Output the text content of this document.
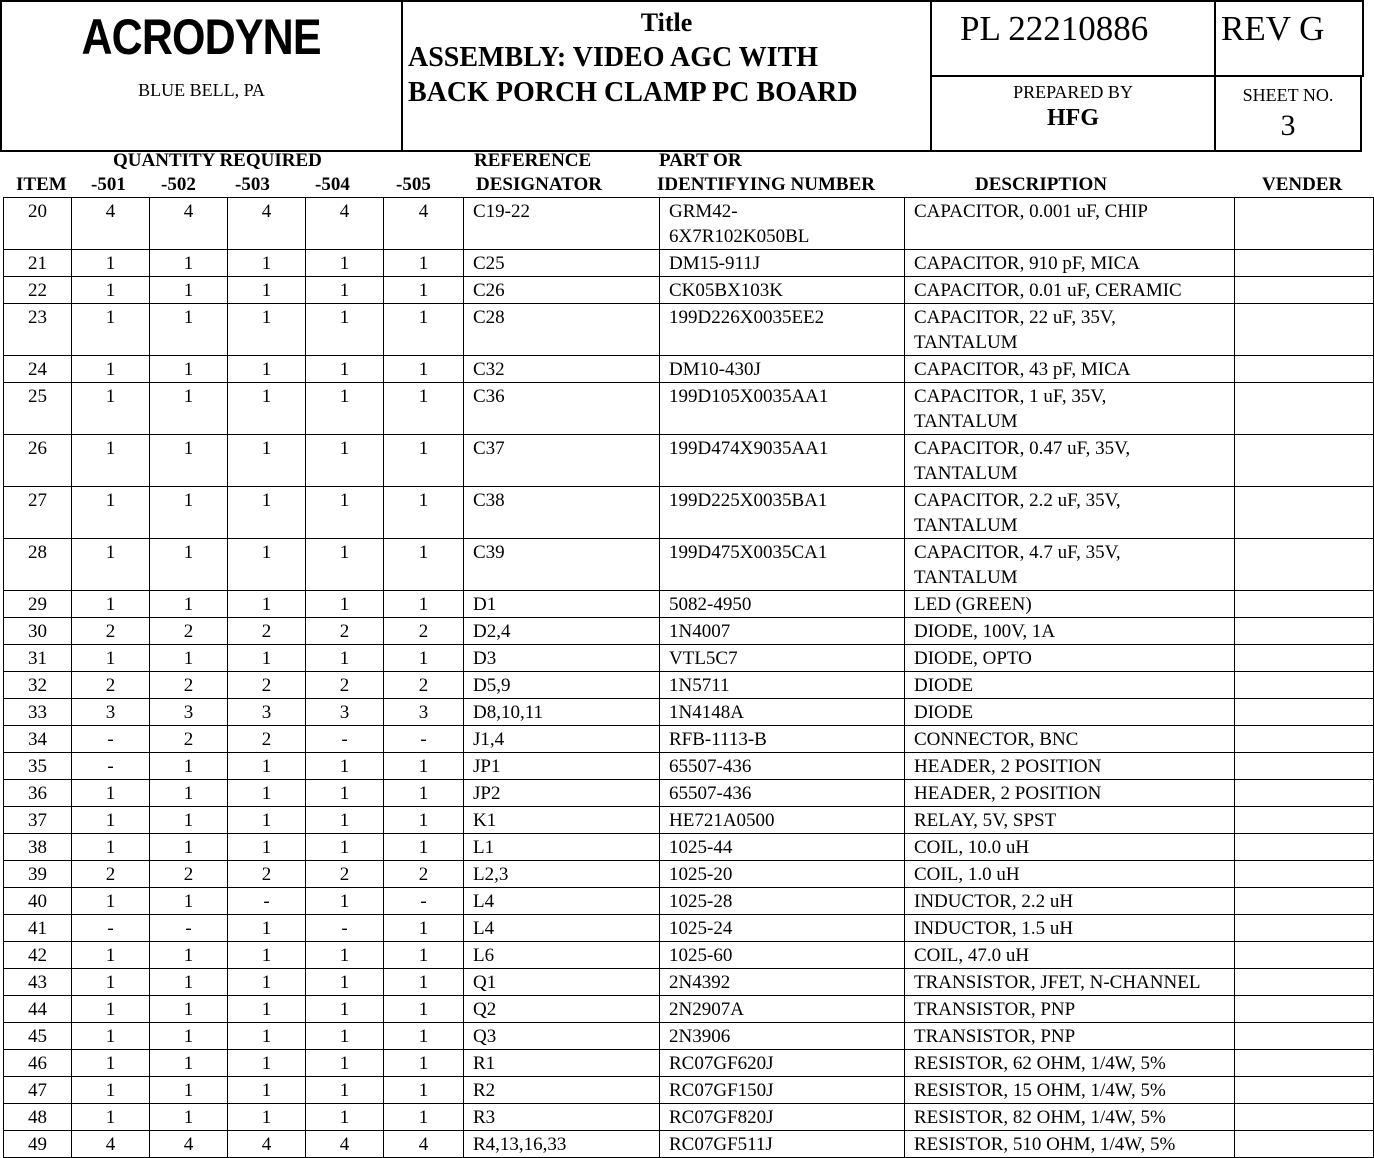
ACRODYNE
BLUE BELL, PA
Title
ASSEMBLY: VIDEO AGC WITH
BACK PORCH CLAMP PC BOARD
PL 22210886 REV G
PREPARED BY
HFG
SHEET NO.
3
QUANTITY REQUIRED	REFERENCE	PART OR
ITEM -501 -502 -503 -504 -505 DESIGNATOR	IDENTIFYING NUMBER	DESCRIPTION	VENDER
20	4	4	4	4	4	C19-22	GRM42-
6X7R102K050BL	CAPACITOR, 0.001 uF, CHIP	
21	1	1	1	1	1	C25	DM15-911J	CAPACITOR, 910 pF, MICA	
22	1	1	1	1	1	C26	CK05BX103K	CAPACITOR, 0.01 uF, CERAMIC	
23	1	1	1	1	1	C28	199D226X0035EE2	CAPACITOR, 22 uF, 35V,
TANTALUM	
24	1	1	1	1	1	C32	DM10-430J	CAPACITOR, 43 pF, MICA	
25	1	1	1	1	1	C36	199D105X0035AA1	CAPACITOR, 1 uF, 35V,
TANTALUM	
26	1	1	1	1	1	C37	199D474X9035AA1	CAPACITOR, 0.47 uF, 35V,
TANTALUM	
27	1	1	1	1	1	C38	199D225X0035BA1	CAPACITOR, 2.2 uF, 35V,
TANTALUM	
28	1	1	1	1	1	C39	199D475X0035CA1	CAPACITOR, 4.7 uF, 35V,
TANTALUM	
29	1	1	1	1	1	D1	5082-4950	LED (GREEN)	
30	2	2	2	2	2	D2,4	1N4007	DIODE, 100V, 1A	
31	1	1	1	1	1	D3	VTL5C7	DIODE, OPTO	
32	2	2	2	2	2	D5,9	1N5711	DIODE	
33	3	3	3	3	3	D8,10,11	1N4148A	DIODE	
34	-	2	2	-	-	J1,4	RFB-1113-B	CONNECTOR, BNC	
35	-	1	1	1	1	JP1	65507-436	HEADER, 2 POSITION	
36	1	1	1	1	1	JP2	65507-436	HEADER, 2 POSITION	
37	1	1	1	1	1	K1	HE721A0500	RELAY, 5V, SPST	
38	1	1	1	1	1	L1	1025-44	COIL, 10.0 uH	
39	2	2	2	2	2	L2,3	1025-20	COIL, 1.0 uH	
40	1	1	-	1	-	L4	1025-28	INDUCTOR, 2.2 uH	
41	-	-	1	-	1	L4	1025-24	INDUCTOR, 1.5 uH	
42	1	1	1	1	1	L6	1025-60	COIL, 47.0 uH	
43	1	1	1	1	1	Q1	2N4392	TRANSISTOR, JFET, N-CHANNEL	
44	1	1	1	1	1	Q2	2N2907A	TRANSISTOR, PNP	
45	1	1	1	1	1	Q3	2N3906	TRANSISTOR, PNP	
46	1	1	1	1	1	R1	RC07GF620J	RESISTOR, 62 OHM, 1/4W, 5%	
47	1	1	1	1	1	R2	RC07GF150J	RESISTOR, 15 OHM, 1/4W, 5%	
48	1	1	1	1	1	R3	RC07GF820J	RESISTOR, 82 OHM, 1/4W, 5%	
49	4	4	4	4	4	R4,13,16,33	RC07GF511J	RESISTOR, 510 OHM, 1/4W, 5%	
